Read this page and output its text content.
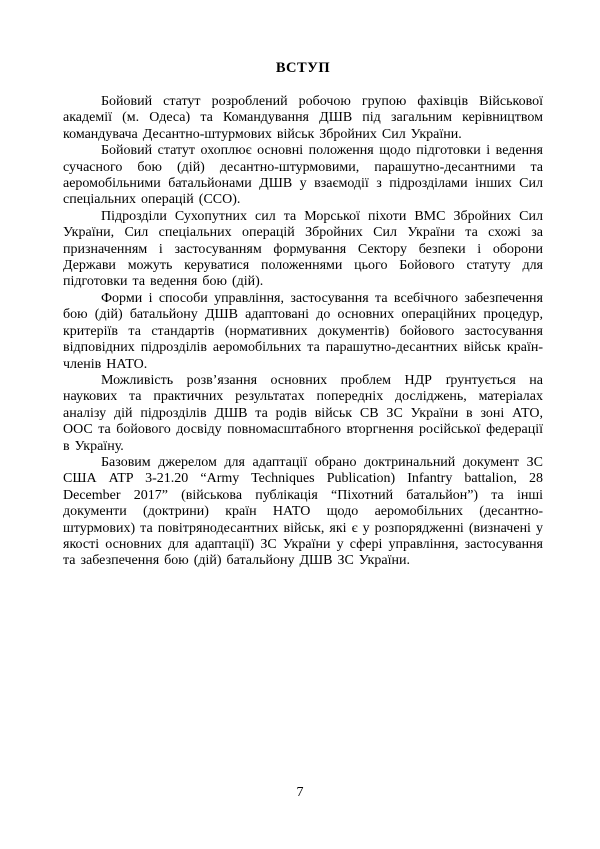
ВСТУП

Бойовий статут розроблений робочою групою фахівців Військової академії (м. Одеса) та Командування ДШВ під загальним керівництвом командувача Десантно-штурмових військ Збройних Сил України.

Бойовий статут охоплює основні положення щодо підготовки і ведення сучасного бою (дій) десантно-штурмовими, парашутно-десантними та аеромобільними батальйонами ДШВ у взаємодії з підрозділами інших Сил спеціальних операцій (ССО).

Підрозділи Сухопутних сил та Морської піхоти ВМС Збройних Сил України, Сил спеціальних операцій Збройних Сил України та схожі за призначенням і застосуванням формування Сектору безпеки і оборони Держави можуть керуватися положеннями цього Бойового статуту для підготовки та ведення бою (дій).

Форми і способи управління, застосування та всебічного забезпечення бою (дій) батальйону ДШВ адаптовані до основних операційних процедур, критеріїв та стандартів (нормативних документів) бойового застосування відповідних підрозділів аеромобільних та парашутно-десантних військ країн-членів НАТО.

Можливість розв’язання основних проблем НДР ґрунтується на наукових та практичних результатах попередніх досліджень, матеріалах аналізу дій підрозділів ДШВ та родів військ СВ ЗС України в зоні АТО, ООС та бойового досвіду повномасштабного вторгнення російської федерації в Україну.

Базовим джерелом для адаптації обрано доктринальний документ ЗС США ATP 3-21.20 “Army Techniques Publication) Infantry battalion, 28 December 2017” (військова публікація “Піхотний батальйон”) та інші документи (доктрини) країн НАТО щодо аеромобільних (десантно-штурмових) та повітрянодесантних військ, які є у розпорядженні (визначені у якості основних для адаптації) ЗС України у сфері управління, застосування та забезпечення бою (дій) батальйону ДШВ ЗС України.

7
